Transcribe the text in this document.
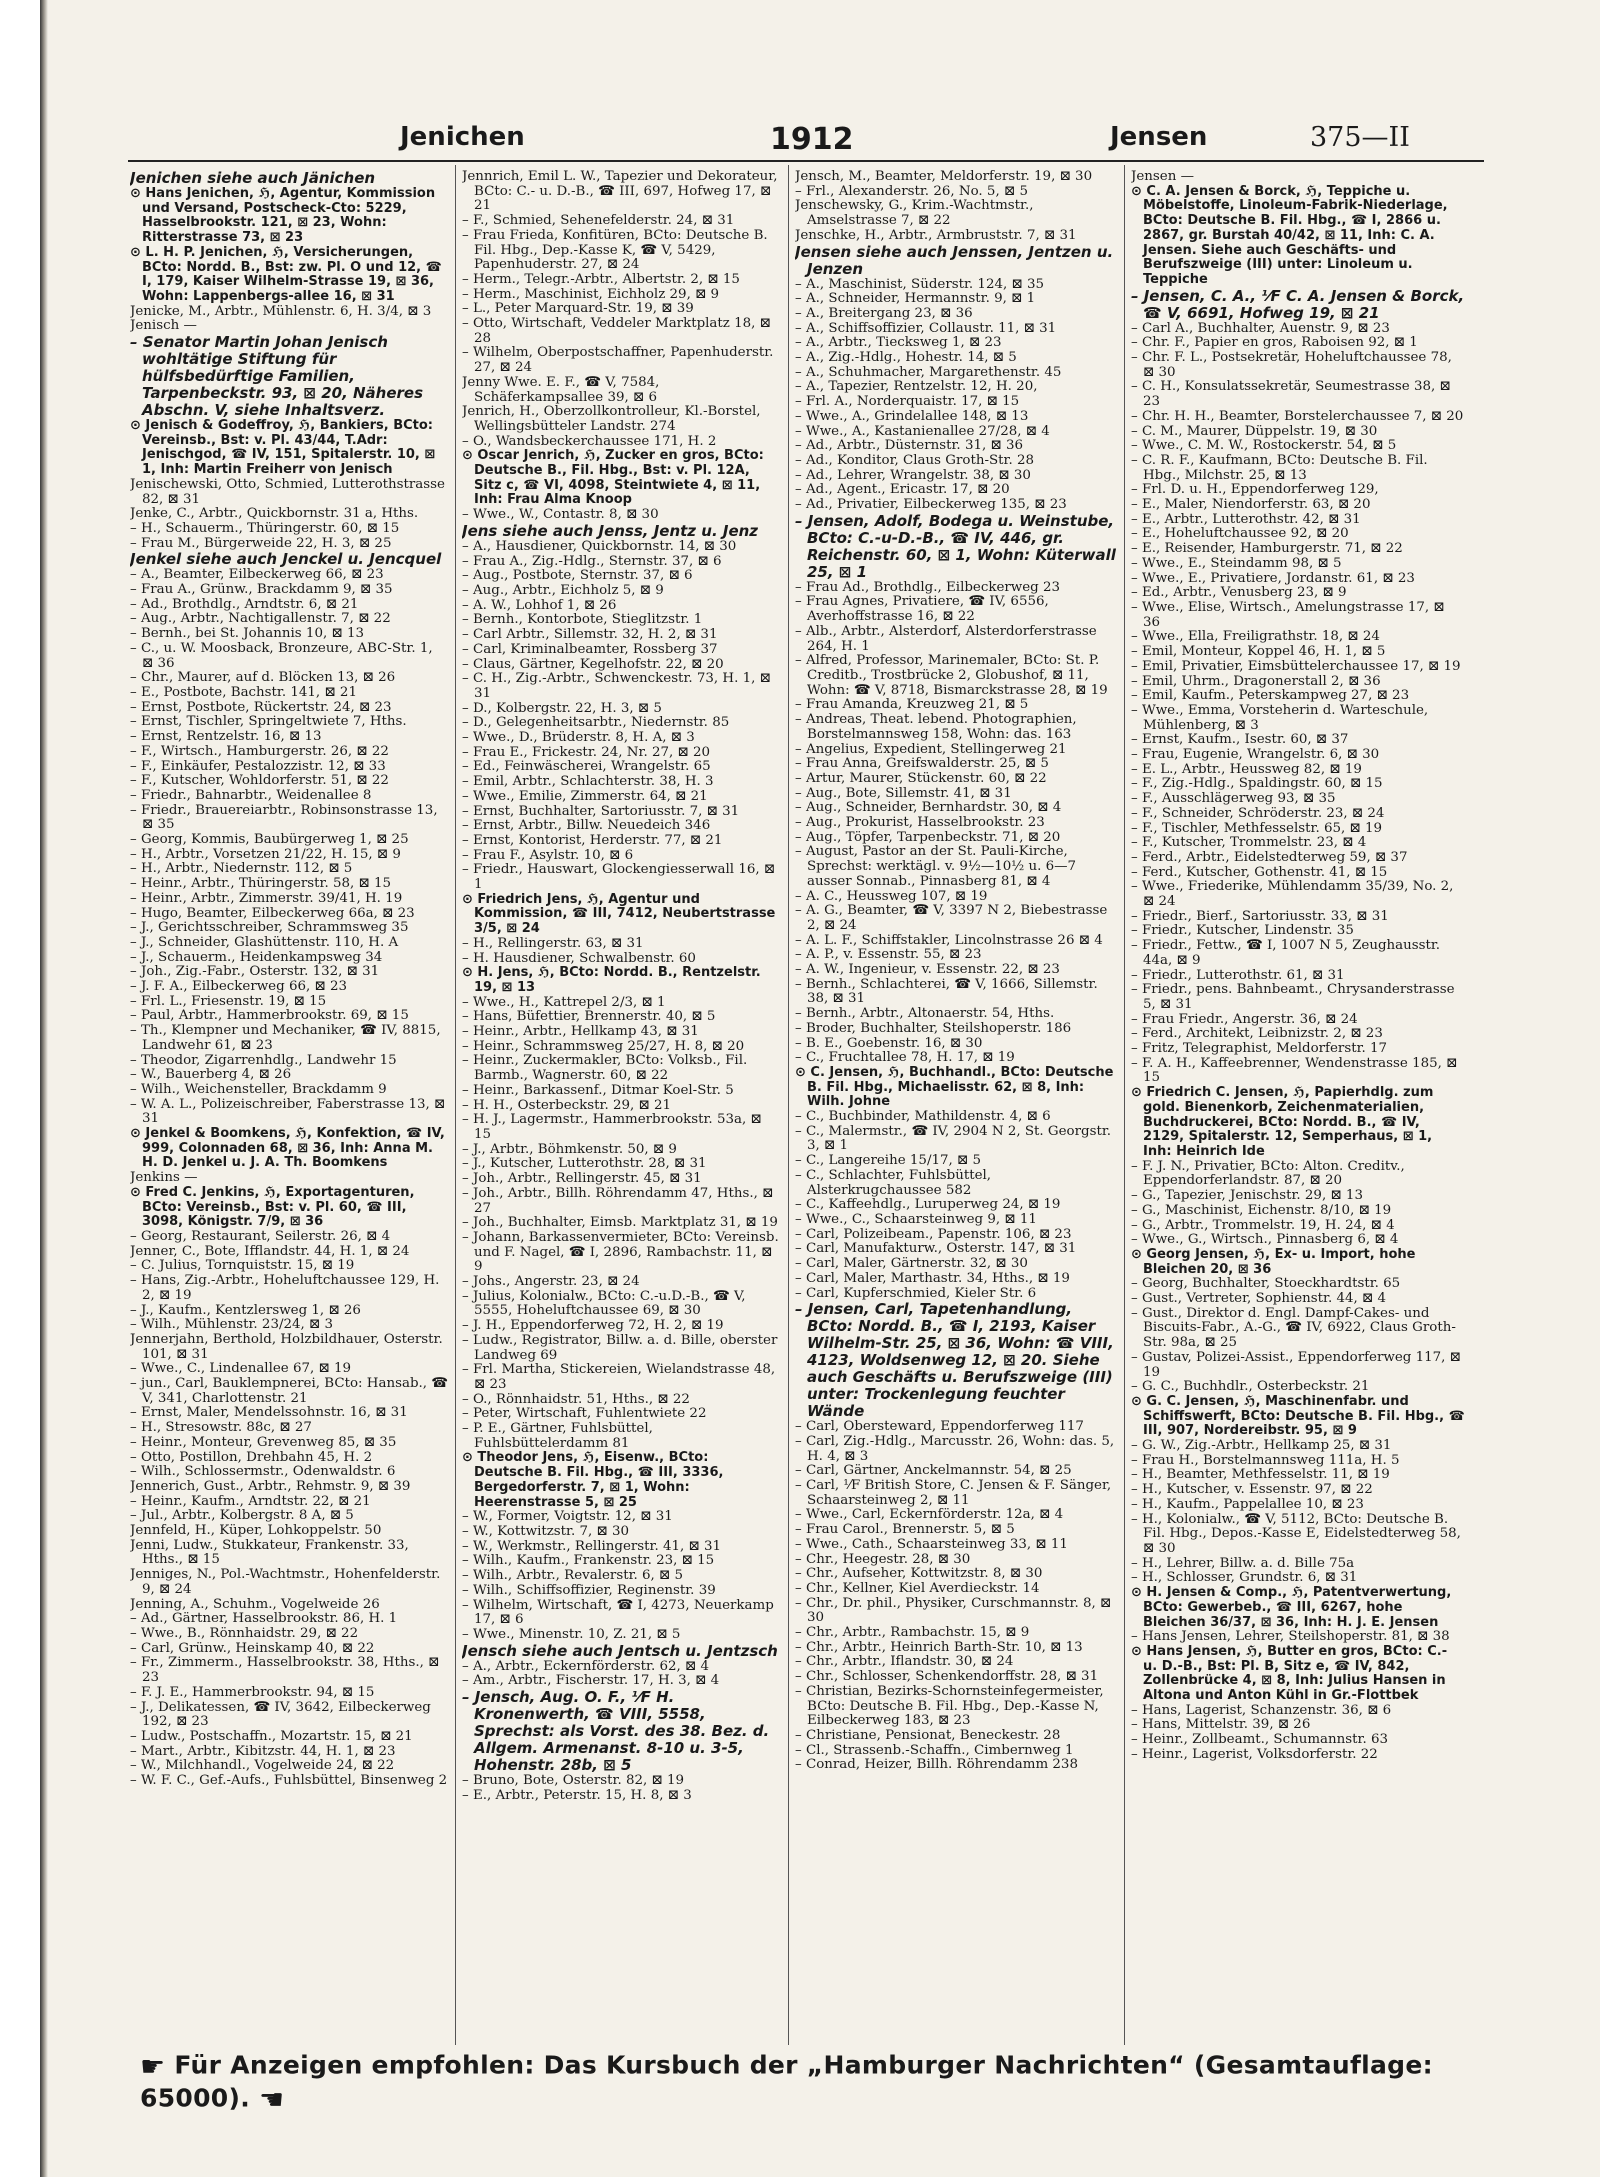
Jenichen	1912	Jensen	375—II

Jenichen siehe auch Jänichen

⊙ Hans Jenichen, ℌ, Agentur, Kommission und Versand, Postscheck-Cto: 5229, Hasselbrookstr. 121, ⊠ 23, Wohn: Ritterstrasse 73, ⊠ 23

⊙ L. H. P. Jenichen, ℌ, Versicherungen, BCto: Nordd. B., Bst: zw. Pl. O und 12, ☎ I, 179, Kaiser Wilhelm-Strasse 19, ⊠ 36, Wohn: Lappenbergs-allee 16, ⊠ 31

Jenicke, M., Arbtr., Mühlenstr. 6, H. 3/4, ⊠ 3

Jenisch —

– Senator Martin Johan Jenisch wohltätige Stiftung für hülfsbedürftige Familien, Tarpenbeckstr. 93, ⊠ 20, Näheres Abschn. V, siehe Inhaltsverz.

⊙ Jenisch & Godeffroy, ℌ, Bankiers, BCto: Vereinsb., Bst: v. Pl. 43/44, T.Adr: Jenischgod, ☎ IV, 151, Spitalerstr. 10, ⊠ 1, Inh: Martin Freiherr von Jenisch

Jenischewski, Otto, Schmied, Lutterothstrasse 82, ⊠ 31

Jenke, C., Arbtr., Quickbornstr. 31 a, Hths.

– H., Schauerm., Thüringerstr. 60, ⊠ 15

– Frau M., Bürgerweide 22, H. 3, ⊠ 25

Jenkel siehe auch Jenckel u. Jencquel

– A., Beamter, Eilbeckerweg 66, ⊠ 23

– Frau A., Grünw., Brackdamm 9, ⊠ 35

– Ad., Brothdlg., Arndtstr. 6, ⊠ 21

– Aug., Arbtr., Nachtigallenstr. 7, ⊠ 22

– Bernh., bei St. Johannis 10, ⊠ 13

– C., u. W. Moosback, Bronzeure, ABC-Str. 1, ⊠ 36

– Chr., Maurer, auf d. Blöcken 13, ⊠ 26

– E., Postbote, Bachstr. 141, ⊠ 21

– Ernst, Postbote, Rückertstr. 24, ⊠ 23

– Ernst, Tischler, Springeltwiete 7, Hths.

– Ernst, Rentzelstr. 16, ⊠ 13

– F., Wirtsch., Hamburgerstr. 26, ⊠ 22

– F., Einkäufer, Pestalozzistr. 12, ⊠ 33

– F., Kutscher, Wohldorferstr. 51, ⊠ 22

– Friedr., Bahnarbtr., Weidenallee 8

– Friedr., Brauereiarbtr., Robinsonstrasse 13, ⊠ 35

– Georg, Kommis, Baubürgerweg 1, ⊠ 25

– H., Arbtr., Vorsetzen 21/22, H. 15, ⊠ 9

– H., Arbtr., Niedernstr. 112, ⊠ 5

– Heinr., Arbtr., Thüringerstr. 58, ⊠ 15

– Heinr., Arbtr., Zimmerstr. 39/41, H. 19

– Hugo, Beamter, Eilbeckerweg 66a, ⊠ 23

– J., Gerichtsschreiber, Schrammsweg 35

– J., Schneider, Glashüttenstr. 110, H. A

– J., Schauerm., Heidenkampsweg 34

– Joh., Zig.-Fabr., Osterstr. 132, ⊠ 31

– J. F. A., Eilbeckerweg 66, ⊠ 23

– Frl. L., Friesenstr. 19, ⊠ 15

– Paul, Arbtr., Hammerbrookstr. 69, ⊠ 15

– Th., Klempner und Mechaniker, ☎ IV, 8815, Landwehr 61, ⊠ 23

– Theodor, Zigarrenhdlg., Landwehr 15

– W., Bauerberg 4, ⊠ 26

– Wilh., Weichensteller, Brackdamm 9

– W. A. L., Polizeischreiber, Faberstrasse 13, ⊠ 31

⊙ Jenkel & Boomkens, ℌ, Konfektion, ☎ IV, 999, Colonnaden 68, ⊠ 36, Inh: Anna M. H. D. Jenkel u. J. A. Th. Boomkens

Jenkins —

⊙ Fred C. Jenkins, ℌ, Exportagenturen, BCto: Vereinsb., Bst: v. Pl. 60, ☎ III, 3098, Königstr. 7/9, ⊠ 36

– Georg, Restaurant, Seilerstr. 26, ⊠ 4

Jenner, C., Bote, Ifflandstr. 44, H. 1, ⊠ 24

– C. Julius, Tornquiststr. 15, ⊠ 19

– Hans, Zig.-Arbtr., Hoheluftchaussee 129, H. 2, ⊠ 19

– J., Kaufm., Kentzlersweg 1, ⊠ 26

– Wilh., Mühlenstr. 23/24, ⊠ 3

Jennerjahn, Berthold, Holzbildhauer, Osterstr. 101, ⊠ 31

– Wwe., C., Lindenallee 67, ⊠ 19

– jun., Carl, Bauklempnerei, BCto: Hansab., ☎ V, 341, Charlottenstr. 21

– Ernst, Maler, Mendelssohnstr. 16, ⊠ 31

– H., Stresowstr. 88c, ⊠ 27

– Heinr., Monteur, Grevenweg 85, ⊠ 35

– Otto, Postillon, Drehbahn 45, H. 2

– Wilh., Schlossermstr., Odenwaldstr. 6

Jennerich, Gust., Arbtr., Rehmstr. 9, ⊠ 39

– Heinr., Kaufm., Arndtstr. 22, ⊠ 21

– Jul., Arbtr., Kolbergstr. 8 A, ⊠ 5

Jennfeld, H., Küper, Lohkoppelstr. 50

Jenni, Ludw., Stukkateur, Frankenstr. 33, Hths., ⊠ 15

Jenniges, N., Pol.-Wachtmstr., Hohenfelderstr. 9, ⊠ 24

Jenning, A., Schuhm., Vogelweide 26

– Ad., Gärtner, Hasselbrookstr. 86, H. 1

– Wwe., B., Rönnhaidstr. 29, ⊠ 22

– Carl, Grünw., Heinskamp 40, ⊠ 22

– Fr., Zimmerm., Hasselbrookstr. 38, Hths., ⊠ 23

– F. J. E., Hammerbrookstr. 94, ⊠ 15

– J., Delikatessen, ☎ IV, 3642, Eilbeckerweg 192, ⊠ 23

– Ludw., Postschaffn., Mozartstr. 15, ⊠ 21

– Mart., Arbtr., Kibitzstr. 44, H. 1, ⊠ 23

– W., Milchhandl., Vogelweide 24, ⊠ 22

– W. F. C., Gef.-Aufs., Fuhlsbüttel, Binsenweg 2

Jennrich, Emil L. W., Tapezier und Dekorateur, BCto: C.- u. D.-B., ☎ III, 697, Hofweg 17, ⊠ 21

– F., Schmied, Sehenefelderstr. 24, ⊠ 31

– Frau Frieda, Konfitüren, BCto: Deutsche B. Fil. Hbg., Dep.-Kasse K, ☎ V, 5429, Papenhuderstr. 27, ⊠ 24

– Herm., Telegr.-Arbtr., Albertstr. 2, ⊠ 15

– Herm., Maschinist, Eichholz 29, ⊠ 9

– L., Peter Marquard-Str. 19, ⊠ 39

– Otto, Wirtschaft, Veddeler Marktplatz 18, ⊠ 28

– Wilhelm, Oberpostschaffner, Papenhuderstr. 27, ⊠ 24

Jenny Wwe. E. F., ☎ V, 7584, Schäferkampsallee 39, ⊠ 6

Jenrich, H., Oberzollkontrolleur, Kl.-Borstel, Wellingsbütteler Landstr. 274

– O., Wandsbeckerchaussee 171, H. 2

⊙ Oscar Jenrich, ℌ, Zucker en gros, BCto: Deutsche B., Fil. Hbg., Bst: v. Pl. 12A, Sitz c, ☎ VI, 4098, Steintwiete 4, ⊠ 11, Inh: Frau Alma Knoop

– Wwe., W., Contastr. 8, ⊠ 30

Jens siehe auch Jenss, Jentz u. Jenz

– A., Hausdiener, Quickbornstr. 14, ⊠ 30

– Frau A., Zig.-Hdlg., Sternstr. 37, ⊠ 6

– Aug., Postbote, Sternstr. 37, ⊠ 6

– Aug., Arbtr., Eichholz 5, ⊠ 9

– A. W., Lohhof 1, ⊠ 26

– Bernh., Kontorbote, Stieglitzstr. 1

– Carl Arbtr., Sillemstr. 32, H. 2, ⊠ 31

– Carl, Kriminalbeamter, Rossberg 37

– Claus, Gärtner, Kegelhofstr. 22, ⊠ 20

– C. H., Zig.-Arbtr., Schwenckestr. 73, H. 1, ⊠ 31

– D., Kolbergstr. 22, H. 3, ⊠ 5

– D., Gelegenheitsarbtr., Niedernstr. 85

– Wwe., D., Brüderstr. 8, H. A, ⊠ 3

– Frau E., Frickestr. 24, Nr. 27, ⊠ 20

– Ed., Feinwäscherei, Wrangelstr. 65

– Emil, Arbtr., Schlachterstr. 38, H. 3

– Wwe., Emilie, Zimmerstr. 64, ⊠ 21

– Ernst, Buchhalter, Sartoriusstr. 7, ⊠ 31

– Ernst, Arbtr., Billw. Neuedeich 346

– Ernst, Kontorist, Herderstr. 77, ⊠ 21

– Frau F., Asylstr. 10, ⊠ 6

– Friedr., Hauswart, Glockengiesserwall 16, ⊠ 1

⊙ Friedrich Jens, ℌ, Agentur und Kommission, ☎ III, 7412, Neubertstrasse 3/5, ⊠ 24

– H., Rellingerstr. 63, ⊠ 31

– H. Hausdiener, Schwalbenstr. 60

⊙ H. Jens, ℌ, BCto: Nordd. B., Rentzelstr. 19, ⊠ 13

– Wwe., H., Kattrepel 2/3, ⊠ 1

– Hans, Büfettier, Brennerstr. 40, ⊠ 5

– Heinr., Arbtr., Hellkamp 43, ⊠ 31

– Heinr., Schrammsweg 25/27, H. 8, ⊠ 20

– Heinr., Zuckermakler, BCto: Volksb., Fil. Barmb., Wagnerstr. 60, ⊠ 22

– Heinr., Barkassenf., Ditmar Koel-Str. 5

– H. H., Osterbeckstr. 29, ⊠ 21

– H. J., Lagermstr., Hammerbrookstr. 53a, ⊠ 15

– J., Arbtr., Böhmkenstr. 50, ⊠ 9

– J., Kutscher, Lutterothstr. 28, ⊠ 31

– Joh., Arbtr., Rellingerstr. 45, ⊠ 31

– Joh., Arbtr., Billh. Röhrendamm 47, Hths., ⊠ 27

– Joh., Buchhalter, Eimsb. Marktplatz 31, ⊠ 19

– Johann, Barkassenvermieter, BCto: Vereinsb. und F. Nagel, ☎ I, 2896, Rambachstr. 11, ⊠ 9

– Johs., Angerstr. 23, ⊠ 24

– Julius, Kolonialw., BCto: C.-u.D.-B., ☎ V, 5555, Hoheluftchaussee 69, ⊠ 30

– J. H., Eppendorferweg 72, H. 2, ⊠ 19

– Ludw., Registrator, Billw. a. d. Bille, oberster Landweg 69

– Frl. Martha, Stickereien, Wielandstrasse 48, ⊠ 23

– O., Rönnhaidstr. 51, Hths., ⊠ 22

– Peter, Wirtschaft, Fuhlentwiete 22

– P. E., Gärtner, Fuhlsbüttel, Fuhlsbüttelerdamm 81

⊙ Theodor Jens, ℌ, Eisenw., BCto: Deutsche B. Fil. Hbg., ☎ III, 3336, Bergedorferstr. 7, ⊠ 1, Wohn: Heerenstrasse 5, ⊠ 25

– W., Former, Voigtstr. 12, ⊠ 31

– W., Kottwitzstr. 7, ⊠ 30

– W., Werkmstr., Rellingerstr. 41, ⊠ 31

– Wilh., Kaufm., Frankenstr. 23, ⊠ 15

– Wilh., Arbtr., Revalerstr. 6, ⊠ 5

– Wilh., Schiffsoffizier, Reginenstr. 39

– Wilhelm, Wirtschaft, ☎ I, 4273, Neuerkamp 17, ⊠ 6

– Wwe., Minenstr. 10, Z. 21, ⊠ 5

Jensch siehe auch Jentsch u. Jentzsch

– A., Arbtr., Eckernförderstr. 62, ⊠ 4

– Am., Arbtr., Fischerstr. 17, H. 3, ⊠ 4

– Jensch, Aug. O. F., ⅟F H. Kronenwerth, ☎ VIII, 5558, Sprechst: als Vorst. des 38. Bez. d. Allgem. Armenanst. 8-10 u. 3-5, Hohenstr. 28b, ⊠ 5

– Bruno, Bote, Osterstr. 82, ⊠ 19

– E., Arbtr., Peterstr. 15, H. 8, ⊠ 3

Jensch, M., Beamter, Meldorferstr. 19, ⊠ 30

– Frl., Alexanderstr. 26, No. 5, ⊠ 5

Jenschewsky, G., Krim.-Wachtmstr., Amselstrasse 7, ⊠ 22

Jenschke, H., Arbtr., Armbruststr. 7, ⊠ 31

Jensen siehe auch Jenssen, Jentzen u. Jenzen

– A., Maschinist, Süderstr. 124, ⊠ 35

– A., Schneider, Hermannstr. 9, ⊠ 1

– A., Breitergang 23, ⊠ 36

– A., Schiffsoffizier, Collaustr. 11, ⊠ 31

– A., Arbtr., Tiecksweg 1, ⊠ 23

– A., Zig.-Hdlg., Hohestr. 14, ⊠ 5

– A., Schuhmacher, Margarethenstr. 45

– A., Tapezier, Rentzelstr. 12, H. 20,

– Frl. A., Norderquaistr. 17, ⊠ 15

– Wwe., A., Grindelallee 148, ⊠ 13

– Wwe., A., Kastanienallee 27/28, ⊠ 4

– Ad., Arbtr., Düsternstr. 31, ⊠ 36

– Ad., Konditor, Claus Groth-Str. 28

– Ad., Lehrer, Wrangelstr. 38, ⊠ 30

– Ad., Agent., Ericastr. 17, ⊠ 20

– Ad., Privatier, Eilbeckerweg 135, ⊠ 23

– Jensen, Adolf, Bodega u. Weinstube, BCto: C.-u-D.-B., ☎ IV, 446, gr. Reichenstr. 60, ⊠ 1, Wohn: Küterwall 25, ⊠ 1

– Frau Ad., Brothdlg., Eilbeckerweg 23

– Frau Agnes, Privatiere, ☎ IV, 6556, Averhoffstrasse 16, ⊠ 22

– Alb., Arbtr., Alsterdorf, Alsterdorferstrasse 264, H. 1

– Alfred, Professor, Marinemaler, BCto: St. P. Creditb., Trostbrücke 2, Globushof, ⊠ 11, Wohn: ☎ V, 8718, Bismarckstrasse 28, ⊠ 19

– Frau Amanda, Kreuzweg 21, ⊠ 5

– Andreas, Theat. lebend. Photographien, Borstelmannsweg 158, Wohn: das. 163

– Angelius, Expedient, Stellingerweg 21

– Frau Anna, Greifswalderstr. 25, ⊠ 5

– Artur, Maurer, Stückenstr. 60, ⊠ 22

– Aug., Bote, Sillemstr. 41, ⊠ 31

– Aug., Schneider, Bernhardstr. 30, ⊠ 4

– Aug., Prokurist, Hasselbrookstr. 23

– Aug., Töpfer, Tarpenbeckstr. 71, ⊠ 20

– August, Pastor an der St. Pauli-Kirche, Sprechst: werktägl. v. 9½—10½ u. 6—7 ausser Sonnab., Pinnasberg 81, ⊠ 4

– A. C., Heussweg 107, ⊠ 19

– A. G., Beamter, ☎ V, 3397 N 2, Biebestrasse 2, ⊠ 24

– A. L. F., Schiffstakler, Lincolnstrasse 26 ⊠ 4

– A. P., v. Essenstr. 55, ⊠ 23

– A. W., Ingenieur, v. Essenstr. 22, ⊠ 23

– Bernh., Schlachterei, ☎ V, 1666, Sillemstr. 38, ⊠ 31

– Bernh., Arbtr., Altonaerstr. 54, Hths.

– Broder, Buchhalter, Steilshoperstr. 186

– B. E., Goebenstr. 16, ⊠ 30

– C., Fruchtallee 78, H. 17, ⊠ 19

⊙ C. Jensen, ℌ, Buchhandl., BCto: Deutsche B. Fil. Hbg., Michaelisstr. 62, ⊠ 8, Inh: Wilh. Johne

– C., Buchbinder, Mathildenstr. 4, ⊠ 6

– C., Malermstr., ☎ IV, 2904 N 2, St. Georgstr. 3, ⊠ 1

– C., Langereihe 15/17, ⊠ 5

– C., Schlachter, Fuhlsbüttel, Alsterkrugchaussee 582

– C., Kaffeehdlg., Luruperweg 24, ⊠ 19

– Wwe., C., Schaarsteinweg 9, ⊠ 11

– Carl, Polizeibeam., Papenstr. 106, ⊠ 23

– Carl, Manufakturw., Osterstr. 147, ⊠ 31

– Carl, Maler, Gärtnerstr. 32, ⊠ 30

– Carl, Maler, Marthastr. 34, Hths., ⊠ 19

– Carl, Kupferschmied, Kieler Str. 6

– Jensen, Carl, Tapetenhandlung, BCto: Nordd. B., ☎ I, 2193, Kaiser Wilhelm-Str. 25, ⊠ 36, Wohn: ☎ VIII, 4123, Woldsenweg 12, ⊠ 20. Siehe auch Geschäfts u. Berufszweige (III) unter: Trockenlegung feuchter Wände

– Carl, Obersteward, Eppendorferweg 117

– Carl, Zig.-Hdlg., Marcusstr. 26, Wohn: das. 5, H. 4, ⊠ 3

– Carl, Gärtner, Anckelmannstr. 54, ⊠ 25

– Carl, ⅟F British Store, C. Jensen & F. Sänger, Schaarsteinweg 2, ⊠ 11

– Wwe., Carl, Eckernförderstr. 12a, ⊠ 4

– Frau Carol., Brennerstr. 5, ⊠ 5

– Wwe., Cath., Schaarsteinweg 33, ⊠ 11

– Chr., Heegestr. 28, ⊠ 30

– Chr., Aufseher, Kottwitzstr. 8, ⊠ 30

– Chr., Kellner, Kiel Averdieckstr. 14

– Chr., Dr. phil., Physiker, Curschmannstr. 8, ⊠ 30

– Chr., Arbtr., Rambachstr. 15, ⊠ 9

– Chr., Arbtr., Heinrich Barth-Str. 10, ⊠ 13

– Chr., Arbtr., Iflandstr. 30, ⊠ 24

– Chr., Schlosser, Schenkendorffstr. 28, ⊠ 31

– Christian, Bezirks-Schornsteinfegermeister, BCto: Deutsche B. Fil. Hbg., Dep.-Kasse N, Eilbeckerweg 183, ⊠ 23

– Christiane, Pensionat, Beneckestr. 28

– Cl., Strassenb.-Schaffn., Cimbernweg 1

– Conrad, Heizer, Billh. Röhrendamm 238

Jensen —

⊙ C. A. Jensen & Borck, ℌ, Teppiche u. Möbelstoffe, Linoleum-Fabrik-Niederlage, BCto: Deutsche B. Fil. Hbg., ☎ I, 2866 u. 2867, gr. Burstah 40/42, ⊠ 11, Inh: C. A. Jensen. Siehe auch Geschäfts- und Berufszweige (III) unter: Linoleum u. Teppiche

– Jensen, C. A., ⅟F C. A. Jensen & Borck, ☎ V, 6691, Hofweg 19, ⊠ 21

– Carl A., Buchhalter, Auenstr. 9, ⊠ 23

– Chr. F., Papier en gros, Raboisen 92, ⊠ 1

– Chr. F. L., Postsekretär, Hoheluftchaussee 78, ⊠ 30

– C. H., Konsulatssekretär, Seumestrasse 38, ⊠ 23

– Chr. H. H., Beamter, Borstelerchaussee 7, ⊠ 20

– C. M., Maurer, Düppelstr. 19, ⊠ 30

– Wwe., C. M. W., Rostockerstr. 54, ⊠ 5

– C. R. F., Kaufmann, BCto: Deutsche B. Fil. Hbg., Milchstr. 25, ⊠ 13

– Frl. D. u. H., Eppendorferweg 129,

– E., Maler, Niendorferstr. 63, ⊠ 20

– E., Arbtr., Lutterothstr. 42, ⊠ 31

– E., Hoheluftchaussee 92, ⊠ 20

– E., Reisender, Hamburgerstr. 71, ⊠ 22

– Wwe., E., Steindamm 98, ⊠ 5

– Wwe., E., Privatiere, Jordanstr. 61, ⊠ 23

– Ed., Arbtr., Venusberg 23, ⊠ 9

– Wwe., Elise, Wirtsch., Amelungstrasse 17, ⊠ 36

– Wwe., Ella, Freiligrathstr. 18, ⊠ 24

– Emil, Monteur, Koppel 46, H. 1, ⊠ 5

– Emil, Privatier, Eimsbüttelerchaussee 17, ⊠ 19

– Emil, Uhrm., Dragonerstall 2, ⊠ 36

– Emil, Kaufm., Peterskampweg 27, ⊠ 23

– Wwe., Emma, Vorsteherin d. Warteschule, Mühlenberg, ⊠ 3

– Ernst, Kaufm., Isestr. 60, ⊠ 37

– Frau, Eugenie, Wrangelstr. 6, ⊠ 30

– E. L., Arbtr., Heussweg 82, ⊠ 19

– F., Zig.-Hdlg., Spaldingstr. 60, ⊠ 15

– F., Ausschlägerweg 93, ⊠ 35

– F., Schneider, Schröderstr. 23, ⊠ 24

– F., Tischler, Methfesselstr. 65, ⊠ 19

– F., Kutscher, Trommelstr. 23, ⊠ 4

– Ferd., Arbtr., Eidelstedterweg 59, ⊠ 37

– Ferd., Kutscher, Gothenstr. 41, ⊠ 15

– Wwe., Friederike, Mühlendamm 35/39, No. 2, ⊠ 24

– Friedr., Bierf., Sartoriusstr. 33, ⊠ 31

– Friedr., Kutscher, Lindenstr. 35

– Friedr., Fettw., ☎ I, 1007 N 5, Zeughausstr. 44a, ⊠ 9

– Friedr., Lutterothstr. 61, ⊠ 31

– Friedr., pens. Bahnbeamt., Chrysanderstrasse 5, ⊠ 31

– Frau Friedr., Angerstr. 36, ⊠ 24

– Ferd., Architekt, Leibnizstr. 2, ⊠ 23

– Fritz, Telegraphist, Meldorferstr. 17

– F. A. H., Kaffeebrenner, Wendenstrasse 185, ⊠ 15

⊙ Friedrich C. Jensen, ℌ, Papierhdlg. zum gold. Bienenkorb, Zeichenmaterialien, Buchdruckerei, BCto: Nordd. B., ☎ IV, 2129, Spitalerstr. 12, Semperhaus, ⊠ 1, Inh: Heinrich Ide

– F. J. N., Privatier, BCto: Alton. Creditv., Eppendorferlandstr. 87, ⊠ 20

– G., Tapezier, Jenischstr. 29, ⊠ 13

– G., Maschinist, Eichenstr. 8/10, ⊠ 19

– G., Arbtr., Trommelstr. 19, H. 24, ⊠ 4

– Wwe., G., Wirtsch., Pinnasberg 6, ⊠ 4

⊙ Georg Jensen, ℌ, Ex- u. Import, hohe Bleichen 20, ⊠ 36

– Georg, Buchhalter, Stoeckhardtstr. 65

– Gust., Vertreter, Sophienstr. 44, ⊠ 4

– Gust., Direktor d. Engl. Dampf-Cakes- und Biscuits-Fabr., A.-G., ☎ IV, 6922, Claus Groth-Str. 98a, ⊠ 25

– Gustav, Polizei-Assist., Eppendorferweg 117, ⊠ 19

– G. C., Buchhdlr., Osterbeckstr. 21

⊙ G. C. Jensen, ℌ, Maschinenfabr. und Schiffswerft, BCto: Deutsche B. Fil. Hbg., ☎ III, 907, Nordereibstr. 95, ⊠ 9

– G. W., Zig.-Arbtr., Hellkamp 25, ⊠ 31

– Frau H., Borstelmannsweg 111a, H. 5

– H., Beamter, Methfesselstr. 11, ⊠ 19

– H., Kutscher, v. Essenstr. 97, ⊠ 22

– H., Kaufm., Pappelallee 10, ⊠ 23

– H., Kolonialw., ☎ V, 5112, BCto: Deutsche B. Fil. Hbg., Depos.-Kasse E, Eidelstedterweg 58, ⊠ 30

– H., Lehrer, Billw. a. d. Bille 75a

– H., Schlosser, Grundstr. 6, ⊠ 31

⊙ H. Jensen & Comp., ℌ, Patentverwertung, BCto: Gewerbeb., ☎ III, 6267, hohe Bleichen 36/37, ⊠ 36, Inh: H. J. E. Jensen

– Hans Jensen, Lehrer, Steilshoperstr. 81, ⊠ 38

⊙ Hans Jensen, ℌ, Butter en gros, BCto: C.- u. D.-B., Bst: Pl. B, Sitz e, ☎ IV, 842, Zollenbrücke 4, ⊠ 8, Inh: Julius Hansen in Altona und Anton Kühl in Gr.-Flottbek

– Hans, Lagerist, Schanzenstr. 36, ⊠ 6

– Hans, Mittelstr. 39, ⊠ 26

– Heinr., Zollbeamt., Schumannstr. 63

– Heinr., Lagerist, Volksdorferstr. 22

☛ Für Anzeigen empfohlen: Das Kursbuch der „Hamburger Nachrichten“ (Gesamtauflage: 65000). ☚
